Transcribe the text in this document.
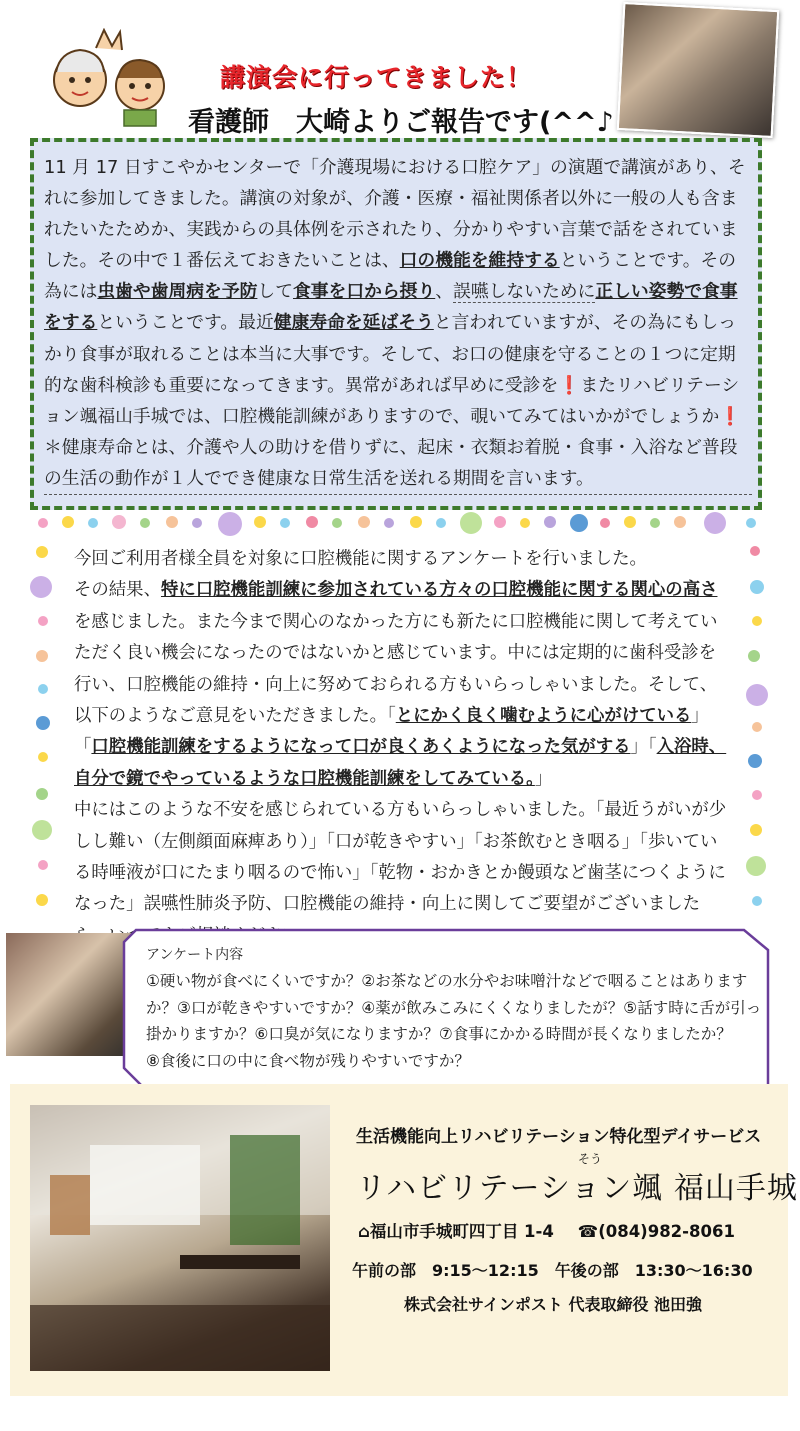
講演会に行ってきました！
看護師　大崎よりご報告です(^^♪

11 月 17 日すこやかセンターで「介護現場における口腔ケア」の演題で講演があり、それに参加してきました。講演の対象が、介護・医療・福祉関係者以外に一般の人も含まれたいたためか、実践からの具体例を示されたり、分かりやすい言葉で話をされていました。その中で１番伝えておきたいことは、口の機能を維持するということです。その為には虫歯や歯周病を予防して食事を口から摂り、誤嚥しないために正しい姿勢で食事をするということです。最近健康寿命を延ばそうと言われていますが、その為にもしっかり食事が取れることは本当に大事です。そして、お口の健康を守ることの１つに定期的な歯科検診も重要になってきます。異常があれば早めに受診を❗またリハビリテーション颯福山手城では、口腔機能訓練がありますので、覗いてみてはいかがでしょうか❗

＊健康寿命とは、介護や人の助けを借りずに、起床・衣類お着脱・食事・入浴など普段の生活の動作が１人ででき健康な日常生活を送れる期間を言います。

今回ご利用者様全員を対象に口腔機能に関するアンケートを行いました。
その結果、特に口腔機能訓練に参加されている方々の口腔機能に関する関心の高さを感じました。また今まで関心のなかった方にも新たに口腔機能に関して考えていただく良い機会になったのではないかと感じています。中には定期的に歯科受診を行い、口腔機能の維持・向上に努めておられる方もいらっしゃいました。そして、以下のようなご意見をいただきました。「とにかく良く噛むように心がけている」「口腔機能訓練をするようになって口が良くあくようになった気がする」「入浴時、自分で鏡でやっているような口腔機能訓練をしてみている。」

中にはこのような不安を感じられている方もいらっしゃいました。「最近うがいが少しし難い（左側顔面麻痺あり）」「口が乾きやすい」「お茶飲むとき咽る」「歩いている時唾液が口にたまり咽るので怖い」「乾物・おかきとか饅頭など歯茎につくようになった」誤嚥性肺炎予防、口腔機能の維持・向上に関してご要望がございました

アンケート内容

①硬い物が食べにくいですか？②お茶などの水分やお味噌汁などで咽ることはありますか？③口が乾きやすいですか？④薬が飲みこみにくくなりましたが？⑤話す時に舌が引っ掛かりますか？⑥口臭が気になりますか？⑦食事にかかる時間が長くなりましたか？

⑧食後に口の中に食べ物が残りやすいですか？

生活機能向上リハビリテーション特化型デイサービス
そう
リハビリテーション颯 福山手城
⌂福山市手城町四丁目 1-4 ☎(084)982-8061
午前の部　9:15～12:15　午後の部　13:30～16:30
株式会社サインポスト 代表取締役 池田強
